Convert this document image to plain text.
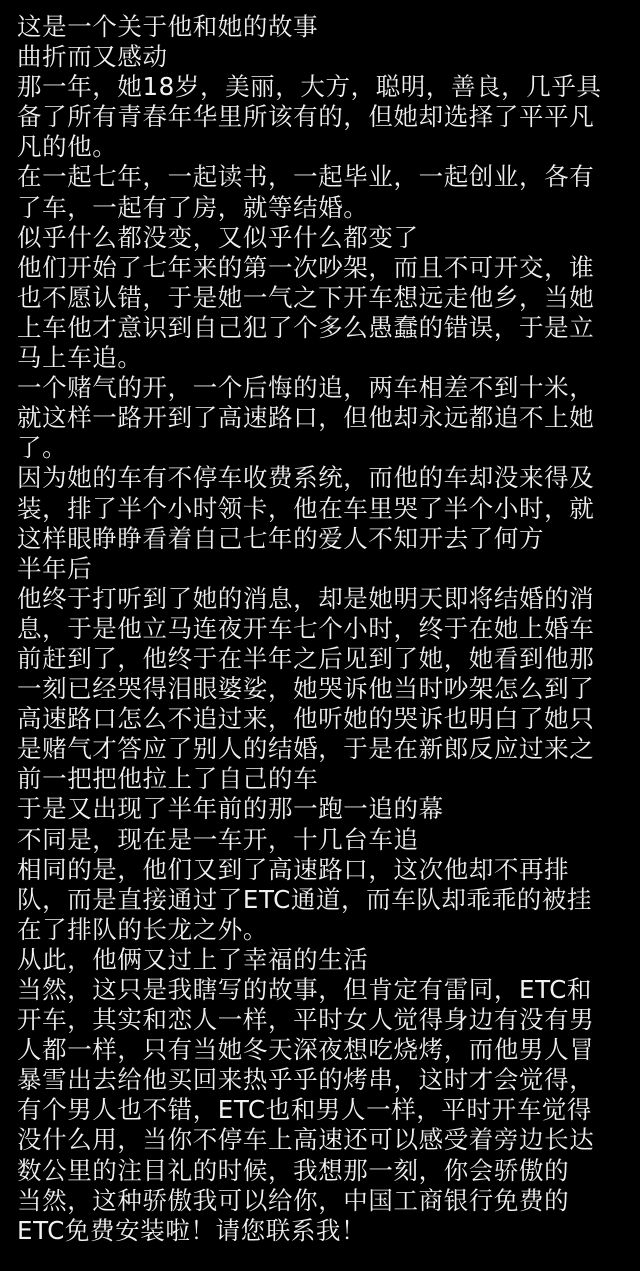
这是一个关于他和她的故事
曲折而又感动
那一年，她18岁，美丽，大方，聪明，善良，几乎具
备了所有青春年华里所该有的，但她却选择了平平凡
凡的他。
在一起七年，一起读书，一起毕业，一起创业，各有
了车，一起有了房，就等结婚。
似乎什么都没变，又似乎什么都变了
他们开始了七年来的第一次吵架，而且不可开交，谁
也不愿认错，于是她一气之下开车想远走他乡，当她
上车他才意识到自己犯了个多么愚蠢的错误，于是立
马上车追。
一个赌气的开，一个后悔的追，两车相差不到十米，
就这样一路开到了高速路口，但他却永远都追不上她
了。
因为她的车有不停车收费系统，而他的车却没来得及
装，排了半个小时领卡，他在车里哭了半个小时，就
这样眼睁睁看着自己七年的爱人不知开去了何方
半年后
他终于打听到了她的消息，却是她明天即将结婚的消
息，于是他立马连夜开车七个小时，终于在她上婚车
前赶到了，他终于在半年之后见到了她，她看到他那
一刻已经哭得泪眼婆娑，她哭诉他当时吵架怎么到了
高速路口怎么不追过来，他听她的哭诉也明白了她只
是赌气才答应了别人的结婚，于是在新郎反应过来之
前一把把他拉上了自己的车
于是又出现了半年前的那一跑一追的幕
不同是，现在是一车开，十几台车追
相同的是，他们又到了高速路口，这次他却不再排
队，而是直接通过了ETC通道，而车队却乖乖的被挂
在了排队的长龙之外。
从此，他俩又过上了幸福的生活
当然，这只是我瞎写的故事，但肯定有雷同，ETC和
开车，其实和恋人一样，平时女人觉得身边有没有男
人都一样，只有当她冬天深夜想吃烧烤，而他男人冒
暴雪出去给他买回来热乎乎的烤串，这时才会觉得，
有个男人也不错，ETC也和男人一样，平时开车觉得
没什么用，当你不停车上高速还可以感受着旁边长达
数公里的注目礼的时候，我想那一刻，你会骄傲的
当然，这种骄傲我可以给你，中国工商银行免费的
ETC免费安装啦！请您联系我！
